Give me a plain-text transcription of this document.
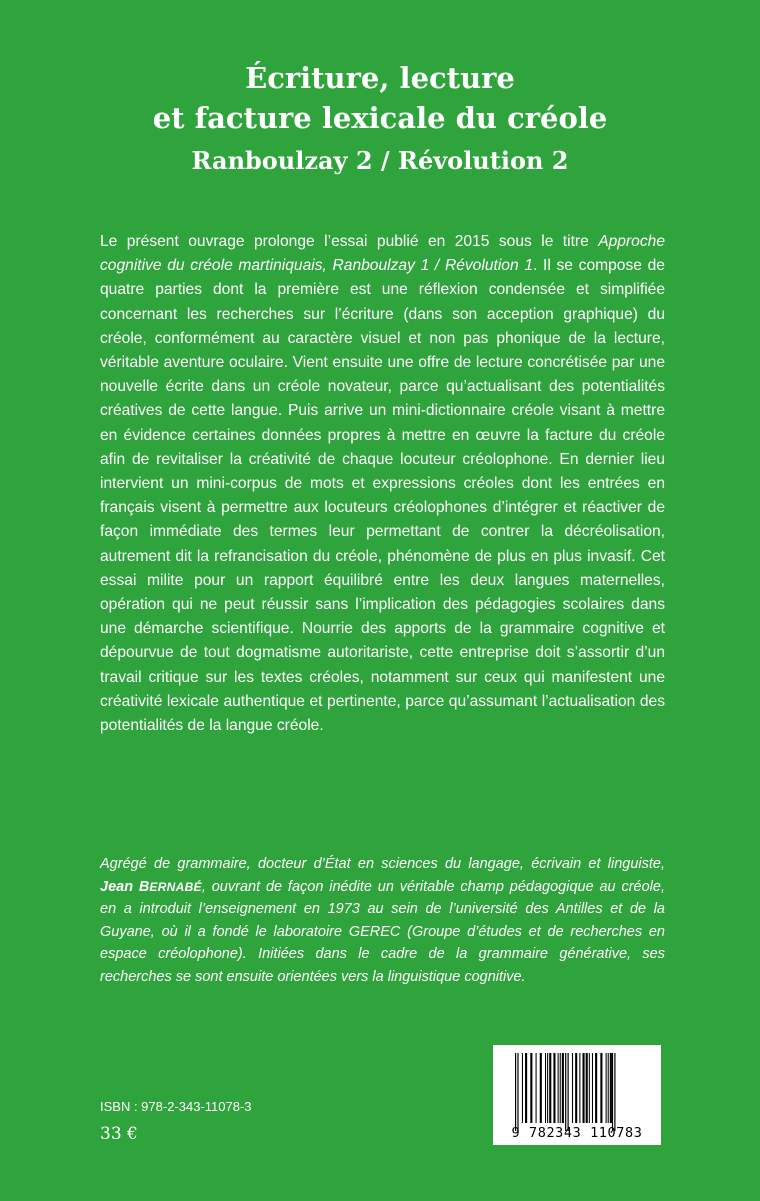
Écriture, lecture
et facture lexicale du créole
Ranboulzay 2 / Révolution 2
Le présent ouvrage prolonge l’essai publié en 2015 sous le titre Approche cognitive du créole martiniquais, Ranboulzay 1 / Révolution 1. Il se compose de quatre parties dont la première est une réflexion condensée et simplifiée concernant les recherches sur l’écriture (dans son acception graphique) du créole, conformément au caractère visuel et non pas phonique de la lecture, véritable aventure oculaire. Vient ensuite une offre de lecture concrétisée par une nouvelle écrite dans un créole novateur, parce qu’actualisant des potentialités créatives de cette langue. Puis arrive un mini-dictionnaire créole visant à mettre en évidence certaines données propres à mettre en œuvre la facture du créole afin de revitaliser la créativité de chaque locuteur créolophone. En dernier lieu intervient un mini-corpus de mots et expressions créoles dont les entrées en français visent à permettre aux locuteurs créolophones d’intégrer et réactiver de façon immédiate des termes leur permettant de contrer la décréolisation, autrement dit la refrancisation du créole, phénomène de plus en plus invasif. Cet essai milite pour un rapport équilibré entre les deux langues maternelles, opération qui ne peut réussir sans l’implication des pédagogies scolaires dans une démarche scientifique. Nourrie des apports de la grammaire cognitive et dépourvue de tout dogmatisme autoritariste, cette entreprise doit s’assortir d’un travail critique sur les textes créoles, notamment sur ceux qui manifestent une créativité lexicale authentique et pertinente, parce qu’assumant l’actualisation des potentialités de la langue créole.
Agrégé de grammaire, docteur d’État en sciences du langage, écrivain et linguiste, Jean BERNABÉ, ouvrant de façon inédite un véritable champ pédagogique au créole, en a introduit l’enseignement en 1973 au sein de l’université des Antilles et de la Guyane, où il a fondé le laboratoire GEREC (Groupe d’études et de recherches en espace créolophone). Initiées dans le cadre de la grammaire générative, ses recherches se sont ensuite orientées vers la linguistique cognitive.
ISBN : 978-2-343-11078-3
33 €	9 782343 110783
